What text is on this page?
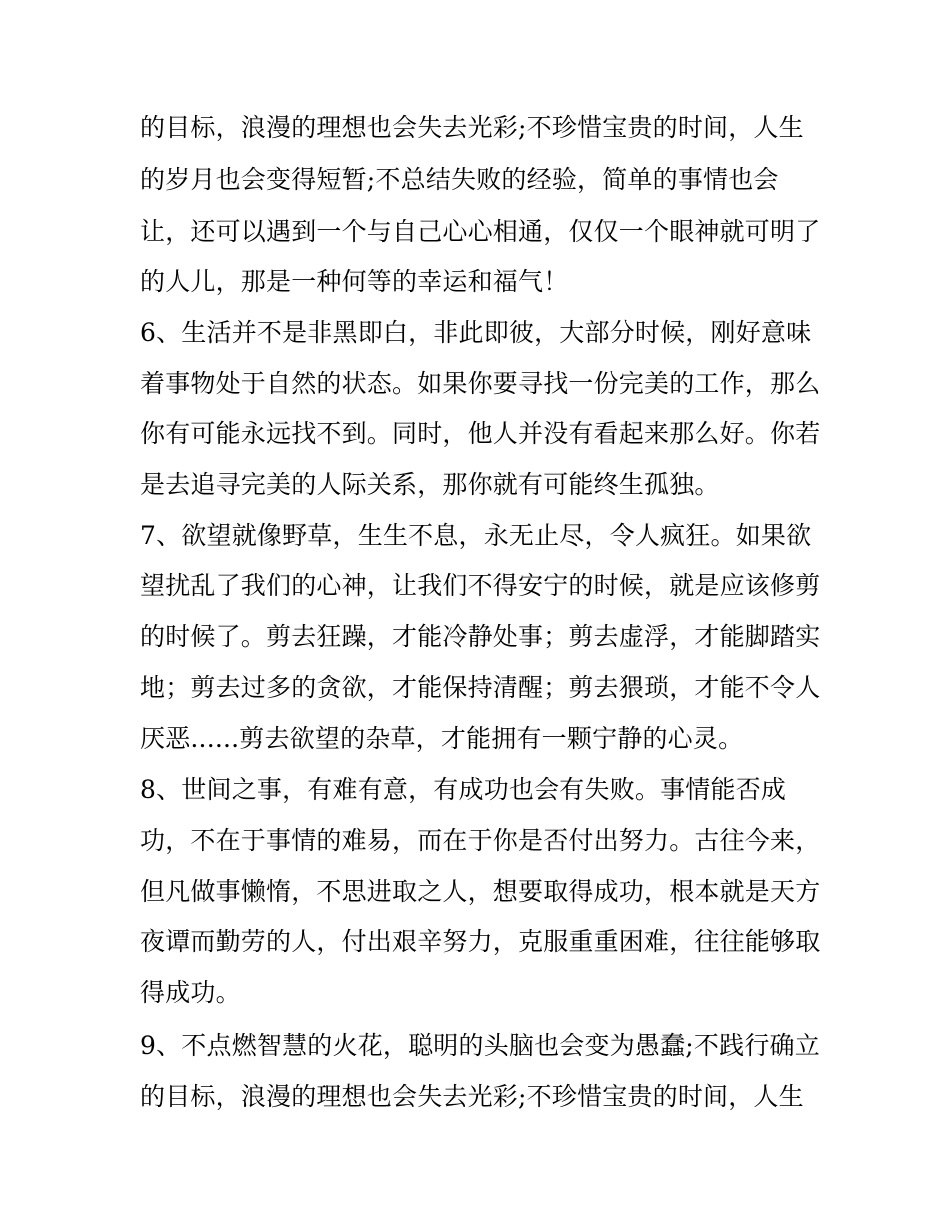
的目标，浪漫的理想也会失去光彩;不珍惜宝贵的时间，人生
的岁月也会变得短暂;不总结失败的经验，简单的事情也会
让，还可以遇到一个与自己心心相通，仅仅一个眼神就可明了
的人儿，那是一种何等的幸运和福气！
6、生活并不是非黑即白，非此即彼，大部分时候，刚好意味
着事物处于自然的状态。如果你要寻找一份完美的工作，那么
你有可能永远找不到。同时，他人并没有看起来那么好。你若
是去追寻完美的人际关系，那你就有可能终生孤独。
7、欲望就像野草，生生不息，永无止尽，令人疯狂。如果欲
望扰乱了我们的心神，让我们不得安宁的时候，就是应该修剪
的时候了。剪去狂躁，才能冷静处事；剪去虚浮，才能脚踏实
地；剪去过多的贪欲，才能保持清醒；剪去猥琐，才能不令人
厌恶......剪去欲望的杂草，才能拥有一颗宁静的心灵。
8、世间之事，有难有意，有成功也会有失败。事情能否成
功，不在于事情的难易，而在于你是否付出努力。古往今来，
但凡做事懒惰，不思进取之人，想要取得成功，根本就是天方
夜谭而勤劳的人，付出艰辛努力，克服重重困难，往往能够取
得成功。
9、不点燃智慧的火花，聪明的头脑也会变为愚蠢;不践行确立
的目标，浪漫的理想也会失去光彩;不珍惜宝贵的时间，人生
